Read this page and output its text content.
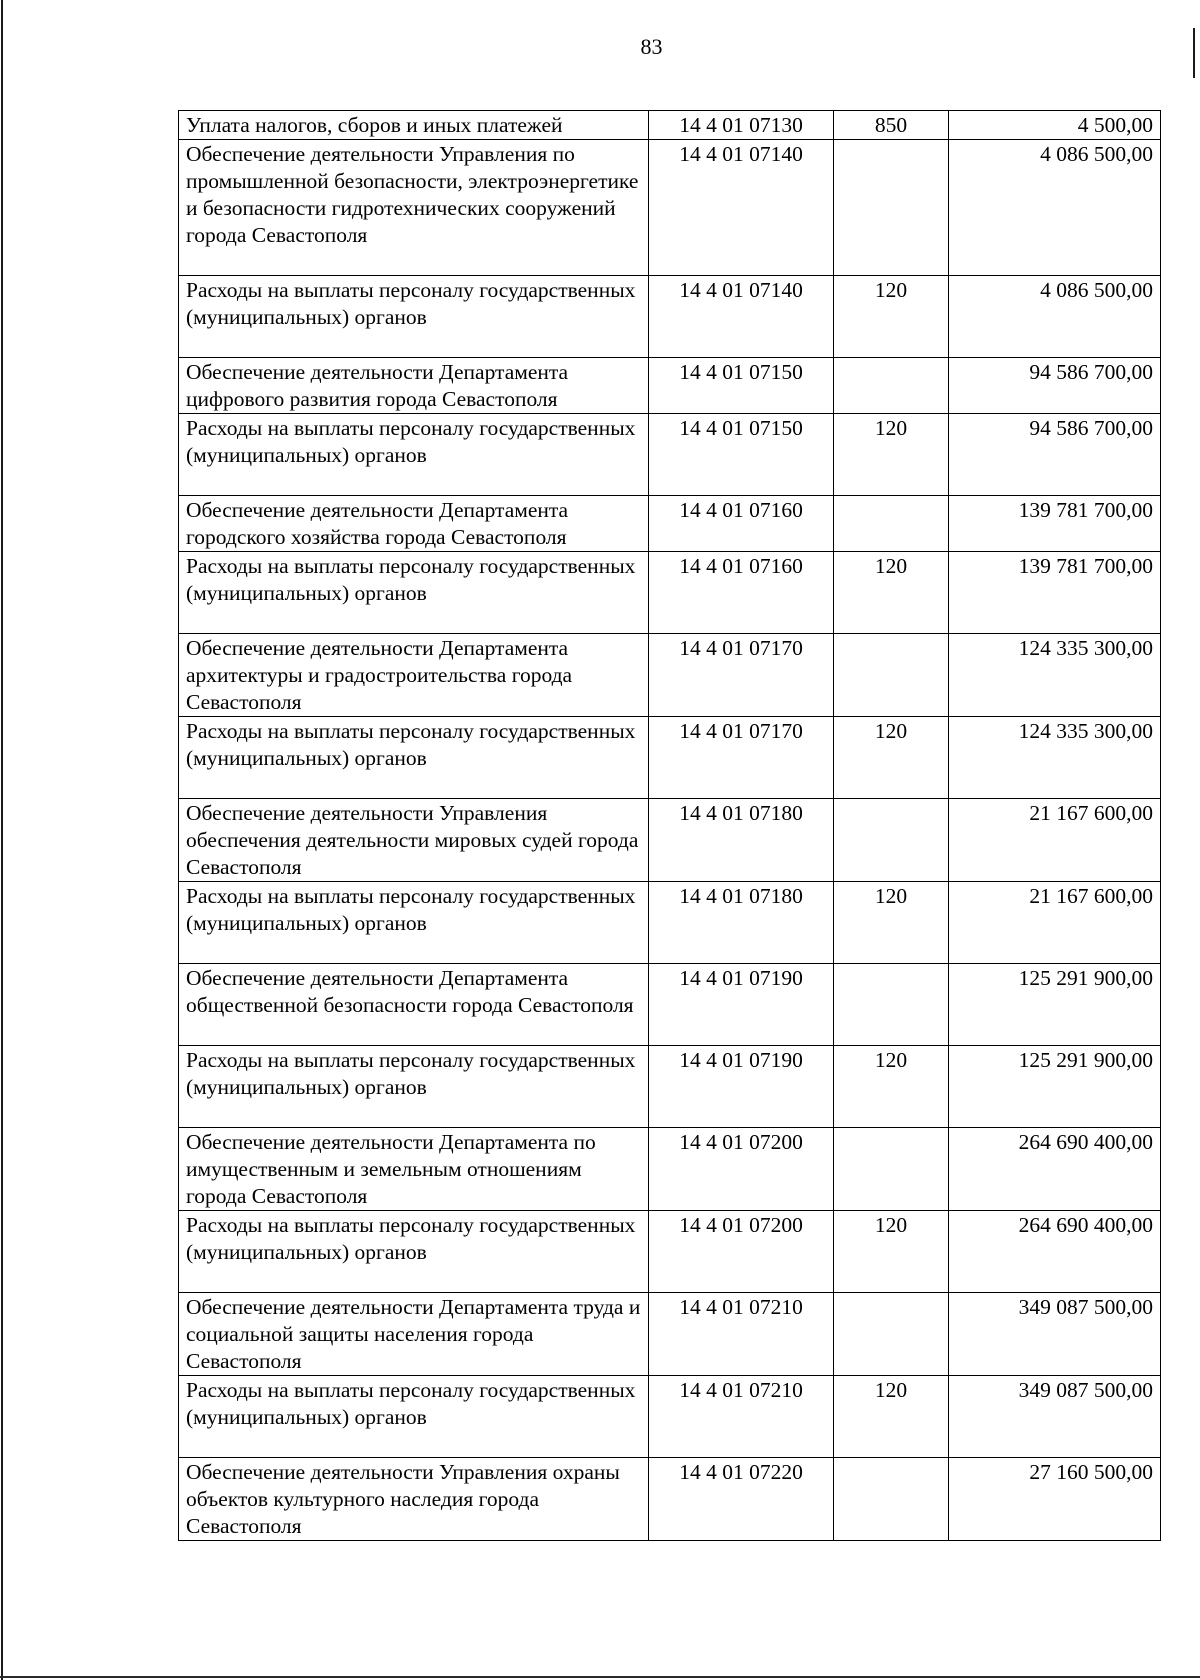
83
Уплата налогов, сборов и иных платежей	14 4 01 07130	850	4 500,00
Обеспечение деятельности Управления по промышленной безопасности, электроэнергетике и безопасности гидротехнических сооружений города Севастополя	14 4 01 07140		4 086 500,00
Расходы на выплаты персоналу государственных (муниципальных) органов	14 4 01 07140	120	4 086 500,00
Обеспечение деятельности Департамента цифрового развития города Севастополя	14 4 01 07150		94 586 700,00
Расходы на выплаты персоналу государственных (муниципальных) органов	14 4 01 07150	120	94 586 700,00
Обеспечение деятельности Департамента городского хозяйства города Севастополя	14 4 01 07160		139 781 700,00
Расходы на выплаты персоналу государственных (муниципальных) органов	14 4 01 07160	120	139 781 700,00
Обеспечение деятельности Департамента архитектуры и градостроительства города Севастополя	14 4 01 07170		124 335 300,00
Расходы на выплаты персоналу государственных (муниципальных) органов	14 4 01 07170	120	124 335 300,00
Обеспечение деятельности Управления обеспечения деятельности мировых судей города Севастополя	14 4 01 07180		21 167 600,00
Расходы на выплаты персоналу государственных (муниципальных) органов	14 4 01 07180	120	21 167 600,00
Обеспечение деятельности Департамента общественной безопасности города Севастополя	14 4 01 07190		125 291 900,00
Расходы на выплаты персоналу государственных (муниципальных) органов	14 4 01 07190	120	125 291 900,00
Обеспечение деятельности Департамента по имущественным и земельным отношениям города Севастополя	14 4 01 07200		264 690 400,00
Расходы на выплаты персоналу государственных (муниципальных) органов	14 4 01 07200	120	264 690 400,00
Обеспечение деятельности Департамента труда и социальной защиты населения города Севастополя	14 4 01 07210		349 087 500,00
Расходы на выплаты персоналу государственных (муниципальных) органов	14 4 01 07210	120	349 087 500,00
Обеспечение деятельности Управления охраны объектов культурного наследия города Севастополя	14 4 01 07220		27 160 500,00
